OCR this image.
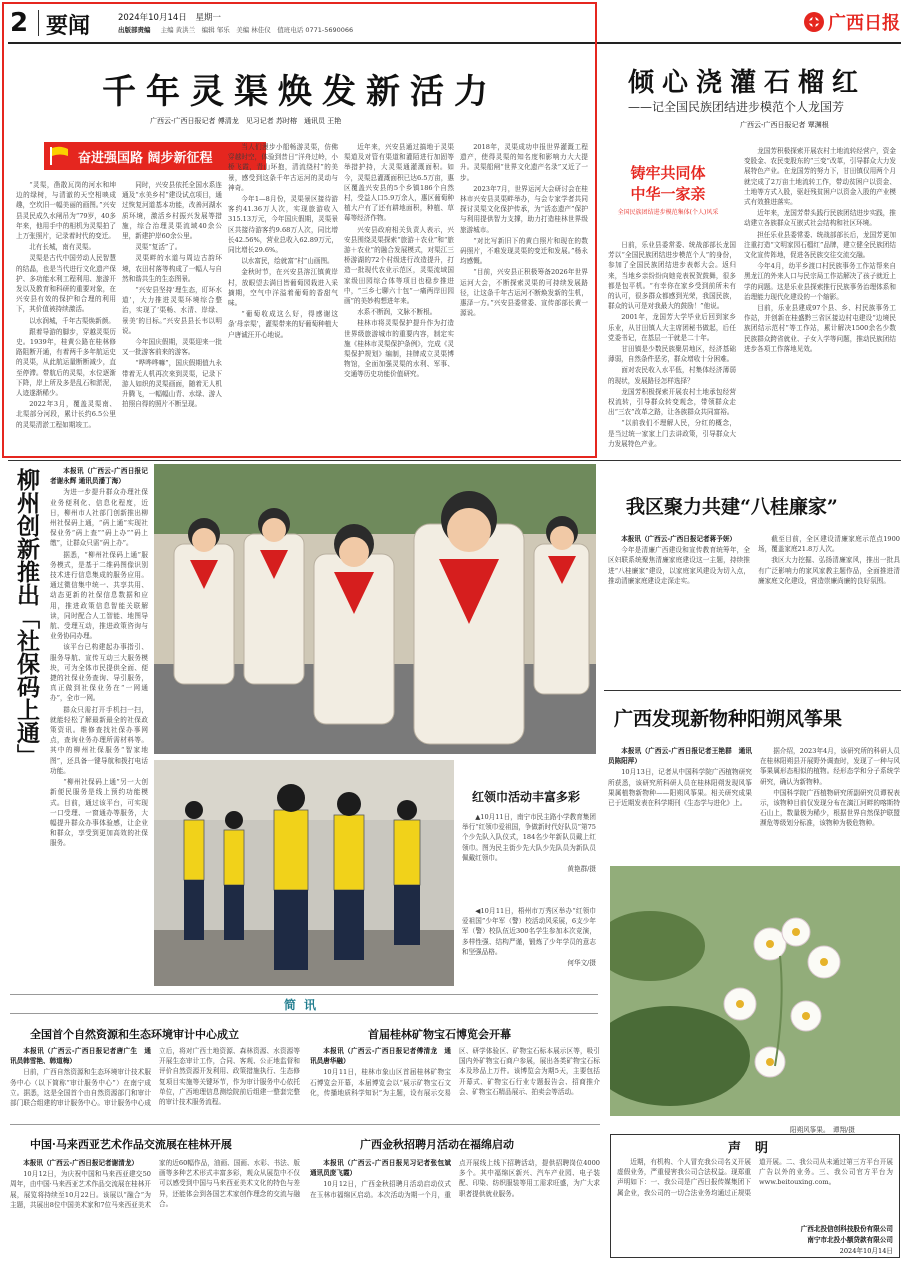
2 要闻	2024年10月14日 星期一
出版部责编 主编 黄洪兰　编辑 邹乐　美编 林佳仪　值班电话 0771-5690066	广西日报
千年灵渠焕发新活力
广西云-广西日报记者 傅清龙　见习记者 苏时榕　通讯员 王艳
奋进强国路 阔步新征程

“灵渠，凿散瓦岗的河水和坤边的绿树，与清澈的天空相映成趣，空坎旧一幅美丽的画图。”兴安县灵民成久水闸吊为“79岁，40多年来，他用手中的相机为灵渠拍了上万张照片，记录着时代的变迁。

北有长城，南有灵渠。

灵渠是古代中国劳动人民智慧的结晶，也是当代进行文化遗产保护、多功能水利工程利用、旅游开发以及教育和科研的重要对象，在兴安县有效的保护和合理的利用下，其价值被持续激活。

以水润城，千年古渠焕新颜。

跟着导游的脚步，穿越灵渠历史。1939年，桂黄公路在桂林修路阻断开通，有着两千多年航运史的灵渠，从此航运量断断减少，直至停滞。带航后的灵渠，水位逐渐下降，岸上所及多是乱石和淤泥，人迹遂渐稀少。

2022年3月，覆盖灵渠南、北渠部分河段，累计长约6.5公里的灵渠清淤工程如期竣工。

同时，兴安县依托全国水系连通及“水美乡村”建设试点项目，通过恢复河道基本功能，改善河湖水质环境，激活乡村振兴发展等措施，综合治理灵渠流域40余公里，新建护岸60余公里。

灵渠“复活”了。

灵渠畔的水道与周边古韵环境，农田村落等构成了一幅人与自然和谐共生的生态图景。

“兴安县坚持‘理生态，盯环水道’，大力推进灵渠环境综合整治，实现了‘渠畅、水清、岸绿、景美’的目标。”兴安县县长韦以明说。

今年国庆假期，灵渠迎来一批又一批游客前来的游客。

“哗哗哗嘛”，国庆假期值九永带着无人机再次来到灵渠，记录下游人如织的灵渠画面，随着无人机升腾飞，一幅幅山青、水绿、游人拍照自得的照片不断呈现。

当人们漫步小船畅游灵渠，仿佛穿越时空，体验到昔日“洋舟过岭，小桥飞霞，青山环抱，清流绕村”的美景，感受到这条千年古运河的灵动与神奇。

今年1—8月份，灵渠景区接待游客约41.36万人次，实现旅游收入315.13万元，今年国庆假期，灵渠景区共接待游客约9.68万人次，同比增长42.56%，营业总收入62.89万元，同比增长29.6%。

以水富民，绘就富“村”山画图。

金秋时节，在兴安县溶江镇黄岸村，放眼望去满目皆葡萄园栽进入采摘期，空气中洋溢着葡萄的香甜气味。

“葡萄收成这么好，得感谢这条‘母亲渠’，灌渠带来的好葡萄种植大户唐诚汪开心地说。

近年来，兴安县通过搞地于灵渠渠道及对管有渠道和灌陌进行加固等举措护持，大灵渠通灌溉面积。如今，灵渠总灌溉面积已达6.5万亩，惠区覆盖兴安县的5个乡镇186个自然村，受益人口5.9万余人，惠区葡萄种植大户有了还有耕地面积，种植、草莓等经济作物。

兴安县政府相关负责人表示，兴安县围绕灵渠探索“旅游＋农业”和“旅游＋农业”的融合发展模式，对渠江三桥游湖的72个村级进行改造提升，打造一批现代农业示范区，灵渠流域国家级田园综合体等项目也稳步推进中，“三乡七聊六十包”一痛两岸田园画”的美妙构想进年来。

水系不断润，文脉不断根。

桂林市将灵渠保护提升作为打造世界级旅游城市的重要内容，制定实施《桂林市灵渠保护条例》，完成《灵渠保护规划》编制，挂牌成立灵渠博物馆，全面加强灵渠的水利、军事、交通等历史功能价值研究。

2018年，灵渠成功申报世界灌溉工程遗产，使得灵渠的知名度和影响力大大提升。灵渠船闸“世界文化遗产名录”又近了一步。

2023年7月，世界运河大会研讨会在桂林市兴安县灵渠畔举办，与会专家学者共同探讨灵渠文化保护传承，为“活态遗产”保护与利用提供智力支撑，助力打造桂林世界级旅游城市。

“对比写新旧下的黄白照片和现在的数码照片，不难发现灵渠的变迁和发展。”杨永均感慨。

“目前，兴安县正积极筹备2026年世界运河大会，不断探索灵渠的可持续发展路径，让这条千年古运河不断焕发新的生机，惠泽一方。”兴安县委常委、宣传部部长黄一源说。

倾心浇灌石榴红
——记全国民族团结进步模范个人龙国芳
广西云-广西日报记者 覃渊根
铸牢共同体
中华一家亲
全国民族团结进步模范集体(个人)风采

日前，乐业县委常委、统战部部长龙国芳以“全国民族团结进步模范个人”的身份，参加了全国民族团结进步表彰大会。返归来，当地乡亲纷纷向她竞表祝贺鼓舞，很多都是包平机。“有幸你在家乡受到前所未有的认可，很多群众都感到光荣，我国民族，群众的认可是对我最大的鼓励！”他说。

2001年，龙国芳大学毕业后回到家乡乐业，从甘田镇人大主席团秘书做起，后任党委书记，在基层一干就是二十年。

甘田镇是少数民族聚居地区，经济基础薄弱，自然条件恶劣，群众增收十分困难。

面对农民收入水平低，村集体经济薄弱的现状，发展路径怎样选择？

龙国芳积极探索开展农村土地承包经营权流转，引导群众转变观念，带领群众走出“三农”改革之路，让各族群众共同富裕。

“以前我们不理解人民，分红的概念，是当过统一家家上门去讲政策，引导群众大力发展特色产业。

龙国芳积极探索开展农村土地流转经营户，资金变股金、农民变股东的“三变”改革，引导群众大力发展特色产业。在龙国芳的努力下，甘田镇仅用两个月就完成了2万亩土地流转工作，带动贫困户以资金、土地等方式入股，驱赶残贫困户以资金入股的产业模式有效推进落实。

近年来，龙国芳带头践行民族团结进步实践，推动建立各族群众互嵌式社会结构和社区环境。

担任乐业县委常委、统战部部长后，龙国芳更加注重打造“文明家园石榴红”品牌，建立健全民族团结文化宣传阵地，促进各民族交往交流交融。

今年4月，幼平乡渡口村民族事务工作站帮来自黑龙江的外来人口与民宗局工作站解决了孩子就近上学的问题。这是乐业县探索推行民族事务治理体系和治理能力现代化建设的一个缩影。

目前，乐业县建成97个县、乡、村民族事务工作站，并创新在桂盛黔三省区接边村屯建设“边境民族团结示范村”等工作站，累计解决1500余名少数民族群众跨省就业、子女入学等问题，推动民族团结进步各项工作落地见效。

柳州创新推出「社保码上通」	本报讯（广西云-广西日报记者谢永辉 通讯员潘丁海）

为进一步提升群众办理社保业务便利化、信息化程度，近日，柳州市人社部门创新推出柳州社保码上通，“码上通”实现社保业务“码上查”“码上办”“码上缴”，让群众只需“码上办”。

据悉，“柳州社保码上通”服务模式，是基于二维码图像识别技术进行信息集成的服务应用。通过微信集中统一、共享共用、动态更新的社保信息数据和应用，推进政策信息智能关联解读，同时配合人工智能、地图导航、受理互动，推进政策咨询与业务协同办理。

该平台已构建起办事指引、服务导航、宣传互动三大服务模块，可为全体市民提供全面、便捷的社保业务查询、导引服务，真正做到社保业务在“一网通办”，全市一网。

群众只需打开手机扫一扫，就能轻松了解最新最全的社保政策资讯。维修查找社保办事网点，查询业务办理所需材料等。其中的柳州社保服务“智家地图”，还具备一键导航和拨打电话功能。

“柳州社保码上通”另一大创新便民服务是线上预约功能模式。目前，通过该平台，可实现一口受理、一窗通办等服务，大幅提升群众办事体验感，让企业和群众，享受到更加高效的社保服务。

红领巾活动丰富多彩

▲10月11日，南宁市民主路小学教育集团举行“红领巾爱祖国，争做新时代好队员”第75个少先队入队仪式，184名少年新队员戴上红领巾。图为民主街少先大队少先队员为新队员佩戴红领巾。

黄艳群/摄

◀10月11日，梧州市万秀区举办“红领巾爱祖国”少年军（警）校活动风采展，6支少年军（警）校队伍近300名学生参加本次竞演，多样性强、结构严谨，锻炼了少年学员的意志和坚强品格。

何华文/摄
我区聚力共建“八桂廉家”

本报讯（广西云-广西日报记者蒋予妍）

今年是清廉广西建设和宣传教育统筹年，全区妇联系统聚焦清廉家庭建设这一主题，持续推进“八桂廉家”建设，以家庭家风建设为切入点，推动清廉家庭建设走深走实。

截至目前，全区建设清廉家庭示范点1900场，覆盖家庭21.8万人次。

我区大力挖掘、弘扬清廉家风，推出一批具有广泛影响力的家风家教主题作品，全面推进清廉家庭文化建设，营造崇廉尚廉的良好氛围。

广西发现新物种阳朔风筝果

本报讯（广西云-广西日报记者王艳群　通讯员陈阳萍）

10月13日，记者从中国科学院广西植物研究所获悉，该研究所科研人员在桂林阳朔发现风筝果属植物新物种——阳朔风筝果。相关研究成果已于近期发表在科学期刊《生态学与进化》上。

据介绍，2023年4月，该研究所的科研人员在桂林阳朔县开展野外调查时，发现了一种与风筝果属形态相似的植物。经形态学和分子系统学研究，确认为新物种。

中国科学院广西植物研究所副研究员谭祝表示，该物种目前仅发现分布在漓江河畔的喀斯特石山上，数量极为稀少，根据世界自然保护联盟濒危等级划分标准，该物种为极危物种。

阳朔风筝果。　谭翔/摄
简讯
全国首个自然资源和生态环境审计中心成立

本报讯（广西云-广西日报记者唐广生　通讯员韩雪艳、韩道梅）

日前，广西自然资源和生态环境审计技术服务中心（以下简称“审计服务中心”）在南宁成立。据悉，这是全国首个由自然资源部门和审计部门联合组建的审计服务中心。审计服务中心成立后，将对广西土地资源、森林资源、水资源等开展生态审计工作，合同、客观、公正地监督和评价自然资源开发利用、政策措施执行、生态修复项目实施等关键环节，作为审计服务中心依托单位，广西地理信息测绘院前后组建一整套完整的审计技术服务流程。

首届桂林矿物宝石博览会开幕

本报讯（广西云-广西日报记者傅清龙　通讯员唐华融）

10月11日，桂林市象山区首届桂林矿物宝石博览会开幕，本届博览会以“展示矿物宝石文化，传播地质科学知识”为主题，设有展示交易区、研学体验区、矿物宝石标本展示区等，吸引国内外矿物宝石商户参展，展出各类矿物宝石标本及珍品上万件。该博览会为期5天，主要包括开幕式、矿物宝石行业专题报告会、招商推介会、矿物宝石精品展示、拍卖会等活动。

中国·马来西亚艺术作品交流展在桂林开展

本报讯（广西云-广西日报记者谢清龙）

10月12日，为庆祝中国和马来西亚建交50周年，由中国·马来西亚艺术作品交流展在桂林开展，展览将持续至10月22日。该展以“融合”为主题，共展出8位中国美术家和7位马来西亚美术家的近60幅作品，油画、国画、水彩、书法、版画等多种艺术形式丰富多彩，观众从展览中不仅可以感受到中国与马来西亚美术文化的特色与差异，还能体会到各国艺术家创作理念的交流与融合。

广西金秋招聘月活动在福绵启动

本报讯（广西云-广西日报见习记者张包斌　通讯员庞飞霞）

10月12日，广西金秋招聘月活动启动仪式在玉林市福绵区启动。本次活动为期一个月，重点开展线上线下招聘活动，提供招聘岗位4000多个。其中福绵区新兴、汽车产业园、电子装配、印染、纺织服装等用工需求旺盛，为广大求职者提供就业服务。

声明

近期，有机构、个人冒充我公司名义开展虚假业务，严重侵害我公司合法权益。现郑重声明如下：一、我公司是广西日报传媒集团下属企业，我公司的一切合法业务均通过正规渠道开展。二、我公司从未通过第三方平台开展广告以外的业务。三、我公司官方平台为www.beitouxing.com。

广西北投信创科技股份有限公司
南宁市北投小额贷款有限公司
2024年10月14日
